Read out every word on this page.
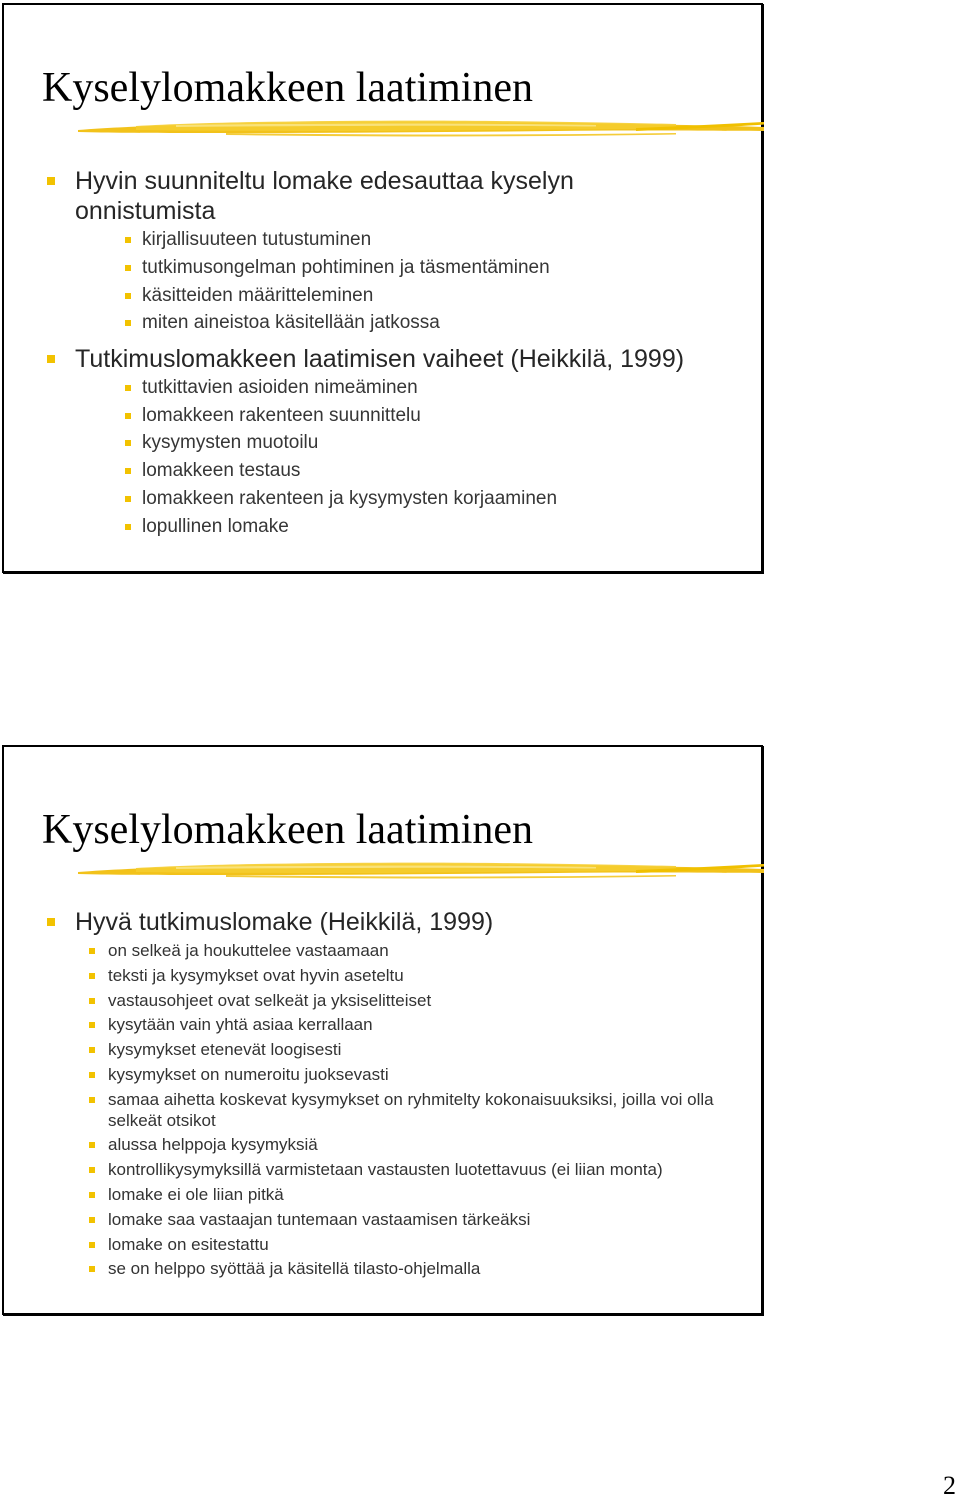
Kyselylomakkeen laatiminen
Hyvin suunniteltu lomake edesauttaa kyselyn onnistumista
kirjallisuuteen tutustuminen
tutkimusongelman pohtiminen ja täsmentäminen
käsitteiden määritteleminen
miten aineistoa käsitellään jatkossa
Tutkimuslomakkeen laatimisen vaiheet (Heikkilä, 1999)
tutkittavien asioiden nimeäminen
lomakkeen rakenteen suunnittelu
kysymysten muotoilu
lomakkeen testaus
lomakkeen rakenteen ja kysymysten korjaaminen
lopullinen lomake
Kyselylomakkeen laatiminen
Hyvä tutkimuslomake (Heikkilä, 1999)
on selkeä ja houkuttelee vastaamaan
teksti ja kysymykset ovat hyvin aseteltu
vastausohjeet ovat selkeät ja yksiselitteiset
kysytään vain yhtä asiaa kerrallaan
kysymykset etenevät loogisesti
kysymykset on numeroitu juoksevasti
samaa aihetta koskevat kysymykset on ryhmitelty kokonaisuuksiksi, joilla voi olla selkeät otsikot
alussa helppoja kysymyksiä
kontrollikysymyksillä varmistetaan vastausten luotettavuus (ei liian monta)
lomake ei ole liian pitkä
lomake saa vastaajan tuntemaan vastaamisen tärkeäksi
lomake on esitestattu
se on helppo syöttää ja käsitellä tilasto-ohjelmalla
2
